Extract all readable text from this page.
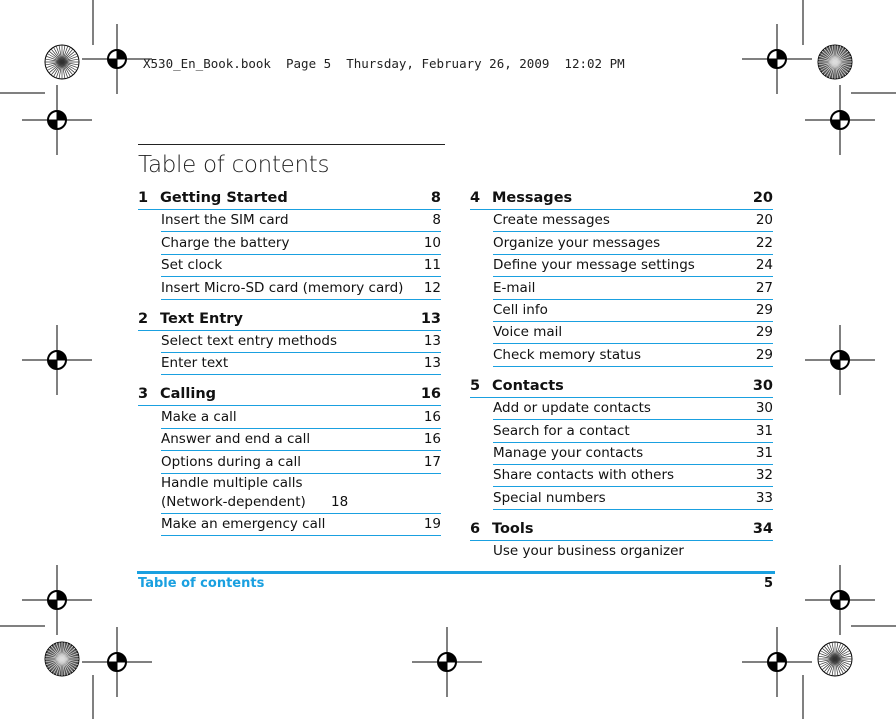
X530_En_Book.book  Page 5  Thursday, February 26, 2009  12:02 PM
Table of contents
1 Getting Started	8
Insert the SIM card	8
Charge the battery	10
Set clock	11
Insert Micro-SD card (memory card)	12
2 Text Entry	13
Select text entry methods	13
Enter text	13
3 Calling	16
Make a call	16
Answer and end a call	16
Options during a call	17
Handle multiple calls (Network-dependent)	18
Make an emergency call	19
4 Messages	20
Create messages	20
Organize your messages	22
Define your message settings	24
E-mail	27
Cell info	29
Voice mail	29
Check memory status	29
5 Contacts	30
Add or update contacts	30
Search for a contact	31
Manage your contacts	31
Share contacts with others	32
Special numbers	33
6 Tools	34
Use your business organizer
Table of contents	5
